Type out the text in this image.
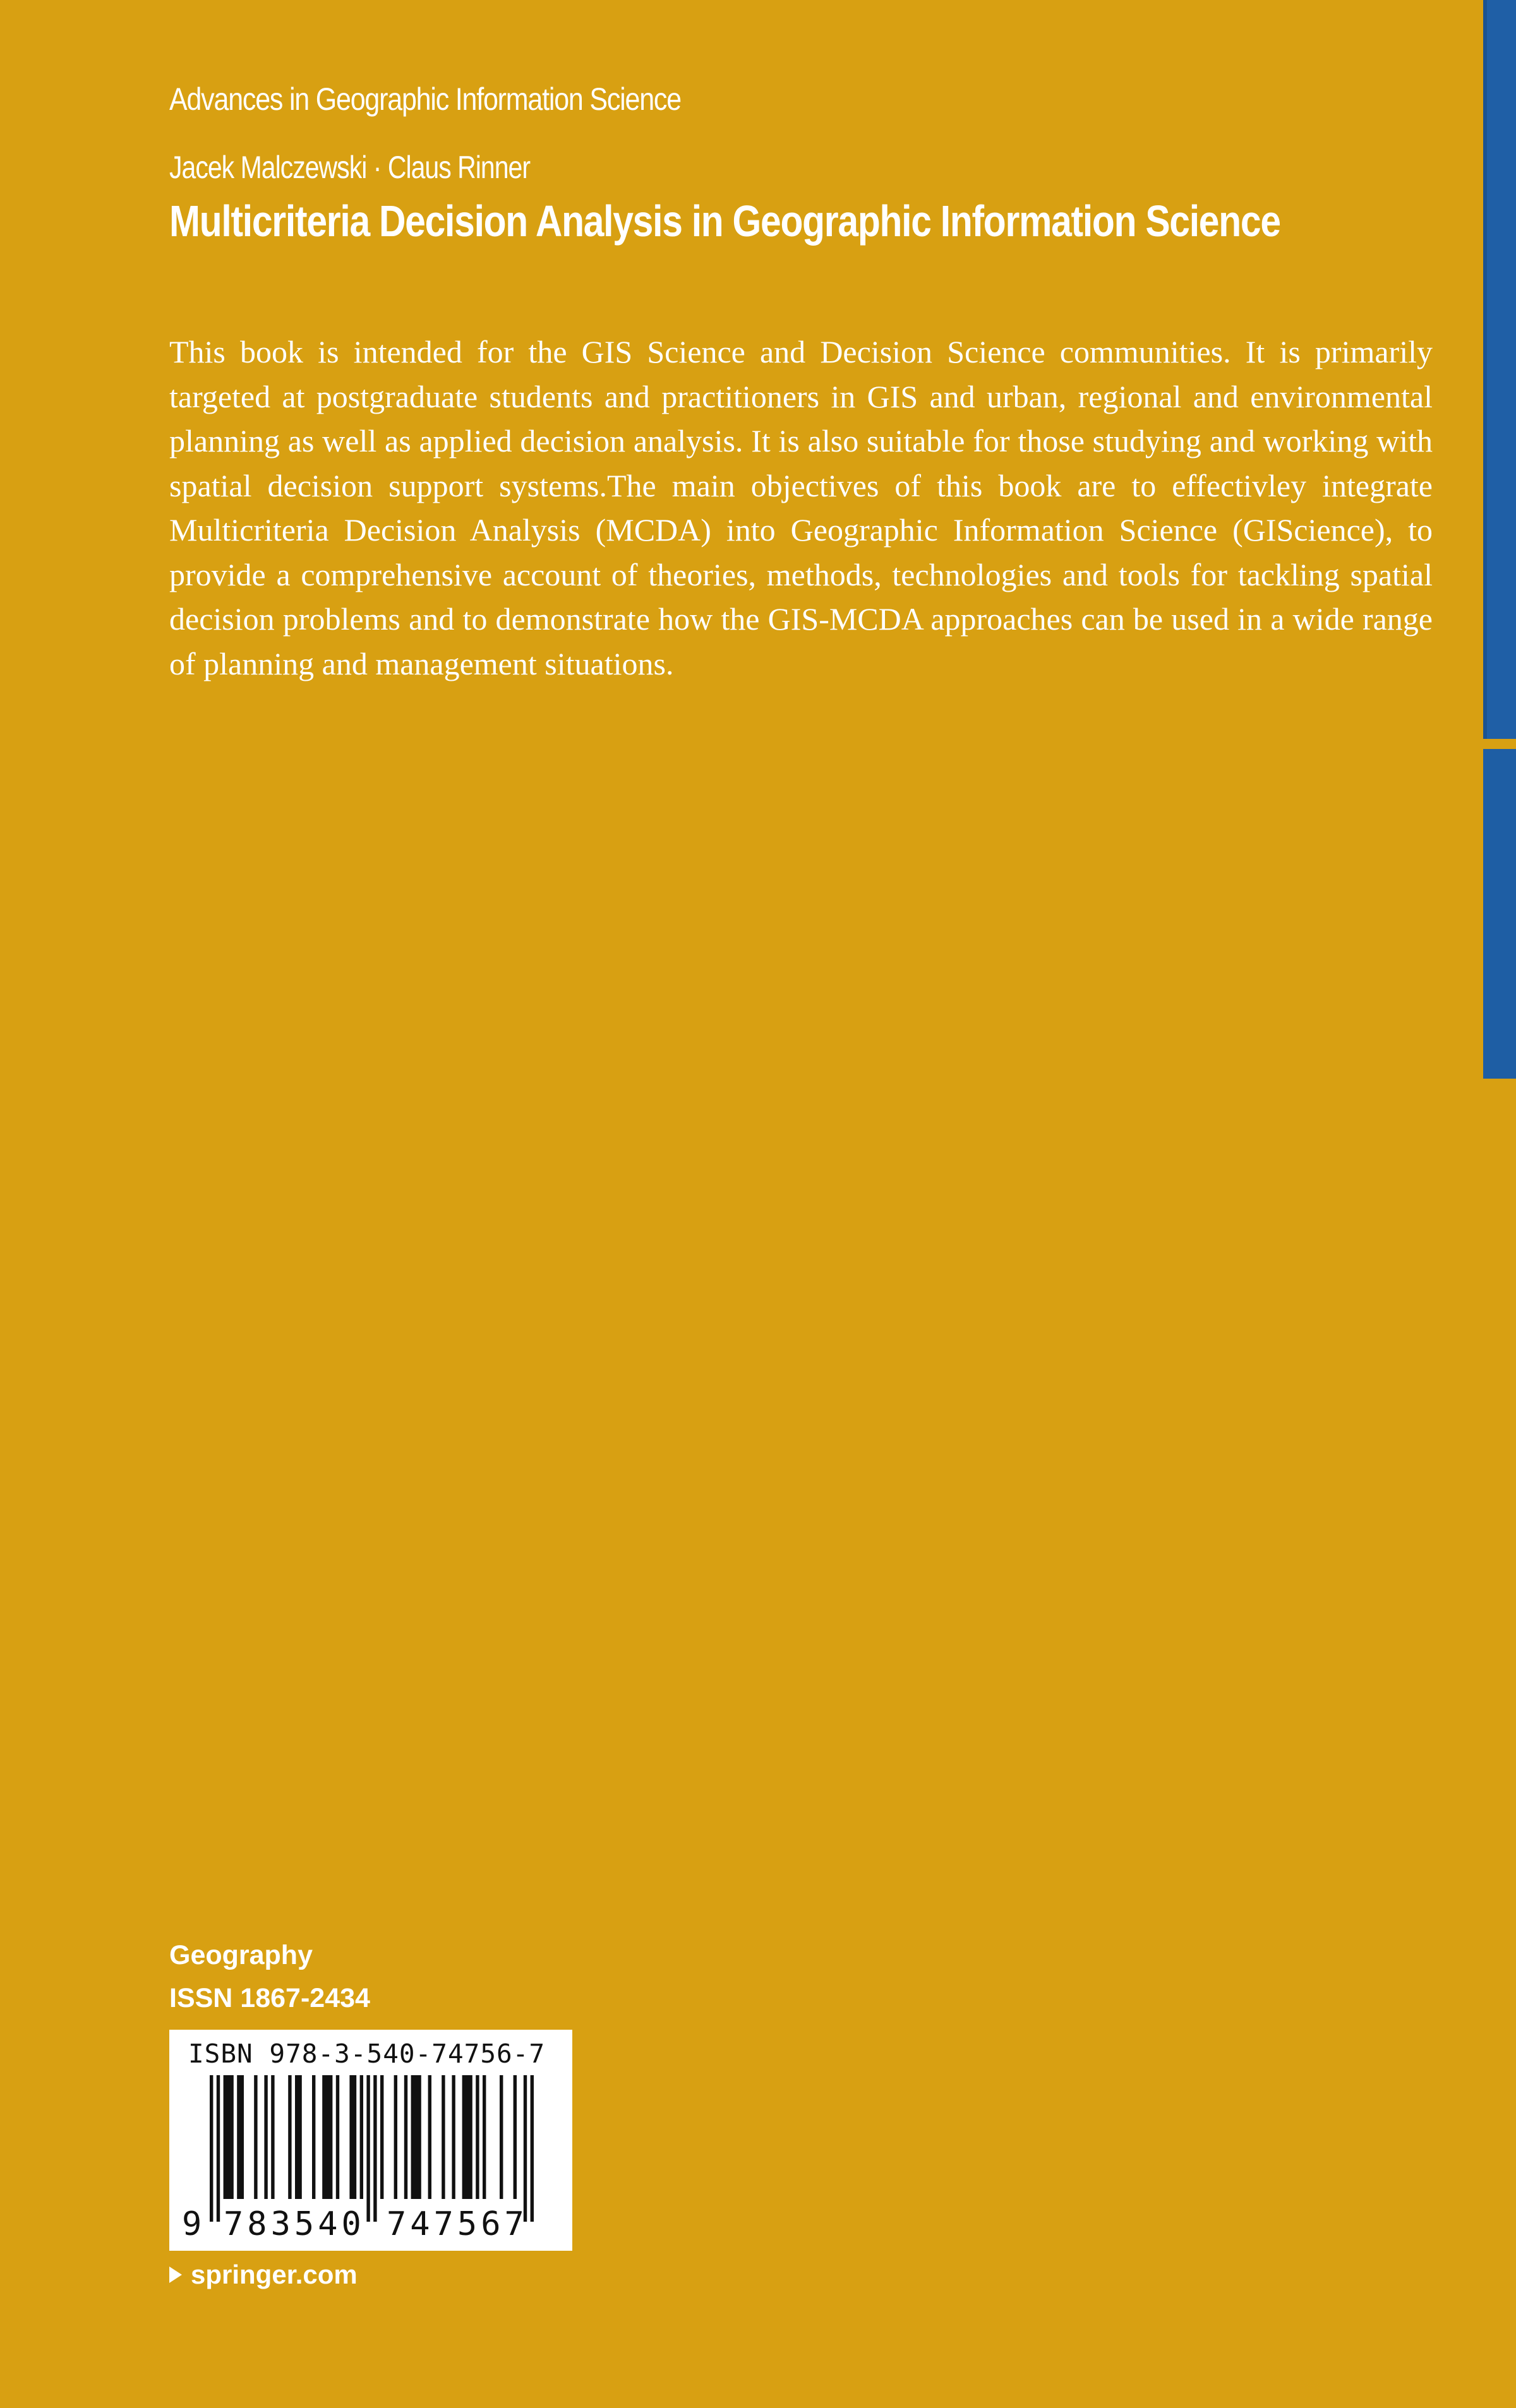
Advances in Geographic Information Science
Jacek Malczewski · Claus Rinner
Multicriteria Decision Analysis in Geographic Information Science
This book is intended for the GIS Science and Decision Science communities. It is primarily targeted at postgraduate students and practitioners in GIS and urban, regional and environmental planning as well as applied decision analysis. It is also suitable for those studying and working with spatial decision support systems.The main objectives of this book are to effectivley integrate Multicriteria Decision Analysis (MCDA) into Geographic Information Science (GIScience), to provide a comprehensive account of theories, methods, technologies and tools for tackling spatial decision problems and to demonstrate how the GIS-MCDA approaches can be used in a wide range of planning and management situations.
Geography
ISSN 1867-2434
ISBN 978-3-540-74756-7
9 783540 747567
springer.com
